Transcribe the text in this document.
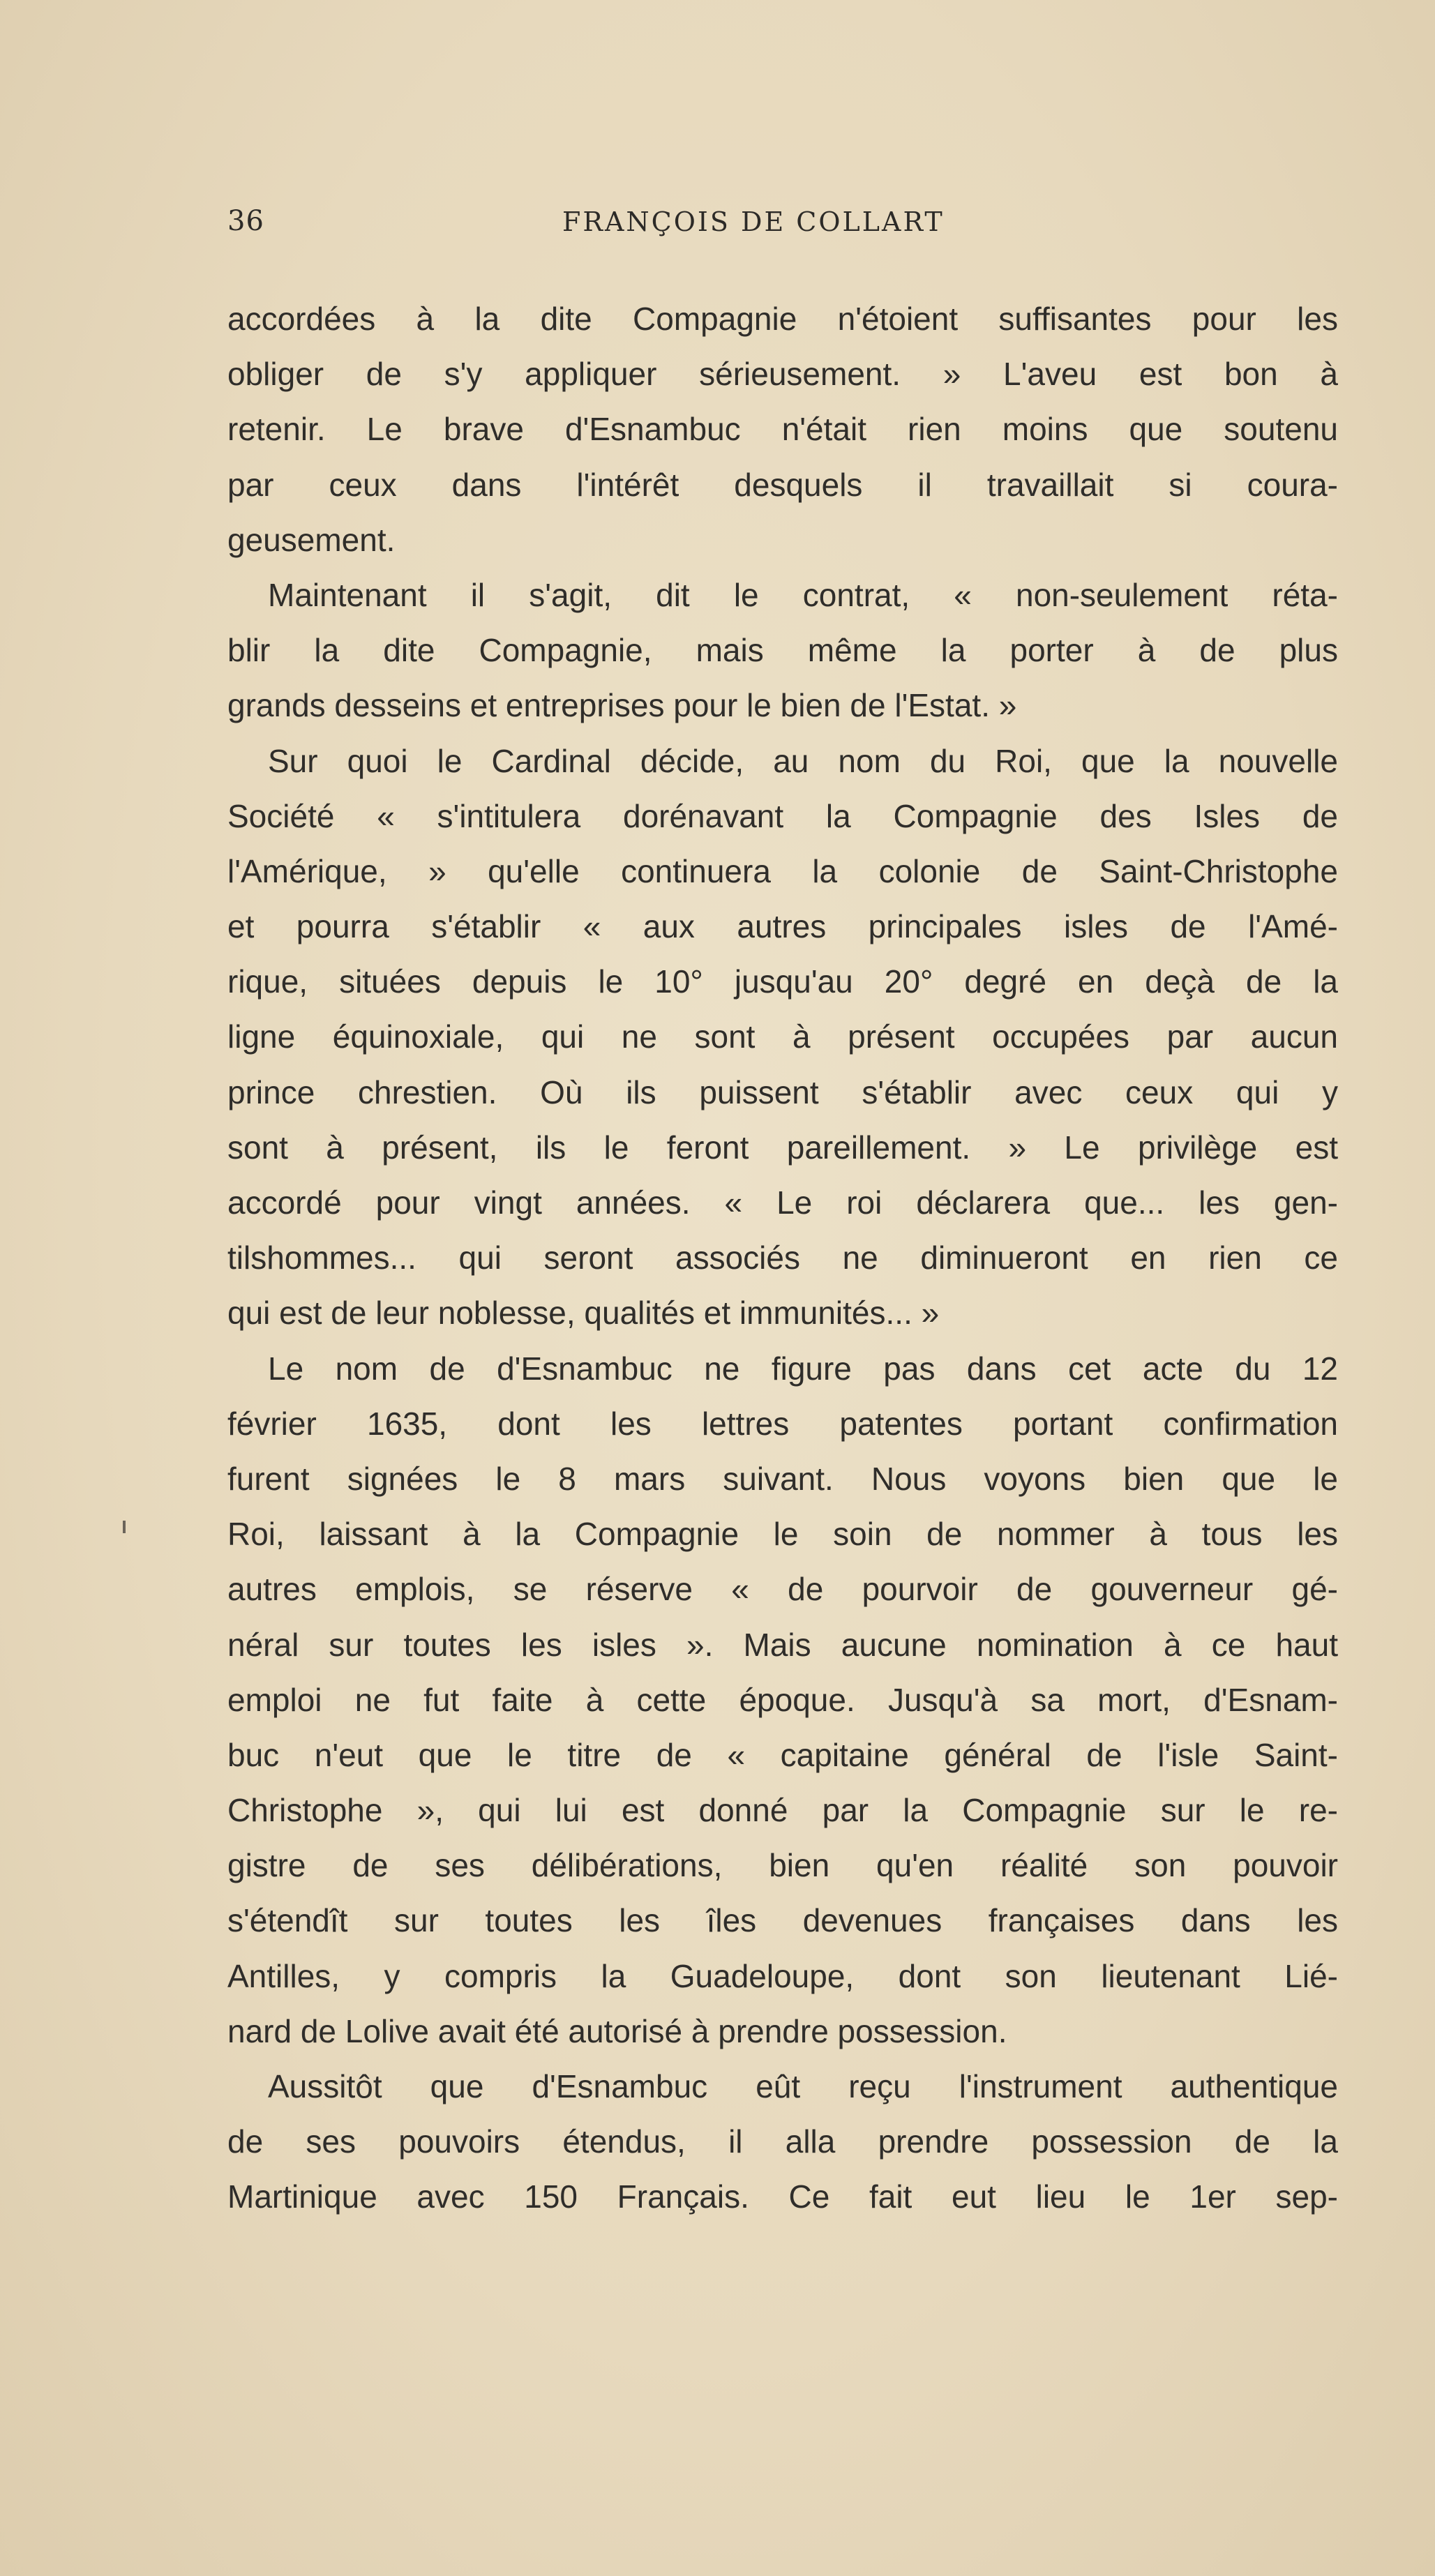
36	FRANÇOIS DE COLLART
accordées à la dite Compagnie n'étoient suffisantes pour les
obliger de s'y appliquer sérieusement. » L'aveu est bon à
retenir. Le brave d'Esnambuc n'était rien moins que soutenu
par ceux dans l'intérêt desquels il travaillait si coura-
geusement.
Maintenant il s'agit, dit le contrat, « non-seulement réta-
blir la dite Compagnie, mais même la porter à de plus
grands desseins et entreprises pour le bien de l'Estat. »
Sur quoi le Cardinal décide, au nom du Roi, que la nouvelle
Société « s'intitulera dorénavant la Compagnie des Isles de
l'Amérique, » qu'elle continuera la colonie de Saint-Christophe
et pourra s'établir « aux autres principales isles de l'Amé-
rique, situées depuis le 10° jusqu'au 20° degré en deçà de la
ligne équinoxiale, qui ne sont à présent occupées par aucun
prince chrestien. Où ils puissent s'établir avec ceux qui y
sont à présent, ils le feront pareillement. » Le privilège est
accordé pour vingt années. « Le roi déclarera que... les gen-
tilshommes... qui seront associés ne diminueront en rien ce
qui est de leur noblesse, qualités et immunités... »
Le nom de d'Esnambuc ne figure pas dans cet acte du 12
février 1635, dont les lettres patentes portant confirmation
furent signées le 8 mars suivant. Nous voyons bien que le
Roi, laissant à la Compagnie le soin de nommer à tous les
autres emplois, se réserve « de pourvoir de gouverneur gé-
néral sur toutes les isles ». Mais aucune nomination à ce haut
emploi ne fut faite à cette époque. Jusqu'à sa mort, d'Esnam-
buc n'eut que le titre de « capitaine général de l'isle Saint-
Christophe », qui lui est donné par la Compagnie sur le re-
gistre de ses délibérations, bien qu'en réalité son pouvoir
s'étendît sur toutes les îles devenues françaises dans les
Antilles, y compris la Guadeloupe, dont son lieutenant Lié-
nard de Lolive avait été autorisé à prendre possession.
Aussitôt que d'Esnambuc eût reçu l'instrument authentique
de ses pouvoirs étendus, il alla prendre possession de la
Martinique avec 150 Français. Ce fait eut lieu le 1er sep-
